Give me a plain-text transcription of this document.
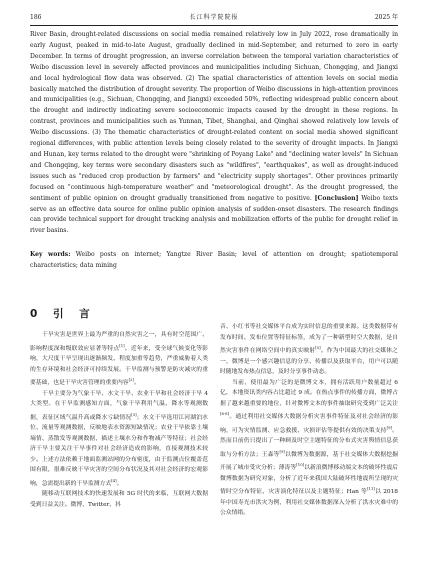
186	长江科学院院报	2025 年

River Basin, drought-related discussions on social media remained relatively low in July 2022, rose dramatically in early August, peaked in mid-to-late August, gradually declined in mid-September, and returned to zero in early December. In terms of drought progression, an inverse correlation between the temporal variation characteristics of Weibo discussion level in severely affected provinces and municipalities including Sichuan, Chongqing, and Jiangxi and local hydrological flow data was observed. (2) The spatial characteristics of attention levels on social media basically matched the distribution of drought severity. The proportion of Weibo discussions in high-attention provinces and municipalities (e.g., Sichuan, Chongqing, and Jiangxi) exceeded 50%, reflecting widespread public concern about the drought and indirectly indicating severe socioeconomic impacts caused by the drought in these regions. In contrast, provinces and municipalities such as Yunnan, Tibet, Shanghai, and Qinghai showed relatively low levels of Weibo discussions. (3) The thematic characteristics of drought-related content on social media showed significant regional differences, with public attention levels being closely related to the severity of drought impacts. In Jiangxi and Hunan, key terms related to the drought were "shrinking of Poyang Lake" and "declining water levels" In Sichuan and Chongqing, key terms were secondary disasters such as "wildfires", "earthquakes", as well as drought-induced issues such as "reduced crop production by farmers" and "electricity supply shortages". Other provinces primarily focused on "continuous high-temperature weather" and "meteorological drought". As the drought progressed, the sentiment of public opinion on drought gradually transitioned from negative to positive. [Conclusion] Weibo texts serve as an effective data source for online public opinion analysis of sudden-onset disasters. The research findings can provide technical support for drought tracking analysis and mobilization efforts of the public for drought relief in river basins.

Key words: Weibo posts on internet; Yangtze River Basin; level of attention on drought; spatiotemporal characteristics; data mining
0 引 言

干旱灾害是世界上最为严重的自然灾害之一，具有时空范围广、影响程度深和级联效应显著等特点[1]。近年来，受全球气候变化等影响，大尺度干旱呈现出逐渐频发、程度加重等趋势，严重威胁着人类的生存环境和社会经济可持续发展。干旱监测与预警是防灾减灾的重要基础，也是干旱灾害管理的重要内容[2]。

干旱主要分为气象干旱、水文干旱、农业干旱和社会经济干旱 4 大类型。在干旱监测感知方面，气象干旱利用气温、降水等观测数据，表征区域气温升高或降水亏缺情况[3]；水文干旱选用江河湖泊水位、流量等观测数据，反映地表水资源短缺情况；农业干旱依靠土壤墒情、蒸散发等观测数据，描述土壤水分和作物减产等特征；社会经济干旱主要关注干旱事件对社会经济造成的影响，直接观测技术较少。上述方法依赖于地面监测站网的分布密度，由于监测点位覆盖范围有限，很难反映干旱灾害的空间分布状况及其对社会经济的宏观影响，急需提出新的干旱监测方式[4]。

随移动互联网技术的快速发展和 5G 时代的来临，互联网大数据受到日益关注。微博、Twitter、抖

音、小红书等社交媒体平台成为实时信息的重要来源。这类数据带有发布时间、发布位置等特征标签，成为了一种新型时空大数据，是自然灾害事件在网络空间中的真实映射[5]。作为中国最大的社交媒体之一，微博是一个感兴趣信息的分享、传播以及获取平台，用户可以随时随地发布热点信息，及时分享事件动态。

当前，使用最为广泛的是微博文本，拥有活跃用户数量超过 6 亿，本地资讯类内容占比超过 9 成。在热点事件的传播方面，微博占据了越来越重要的地位，针对微博文本的事件抽取研究受到广泛关注[6-8]。通过利用社交媒体大数据分析灾害事件特征及对社会经济的影响，可为灾情监测、应急救援、灾损评估等提供有效的决策支持[9]。然而目前仍只提出了一种顾及时空主题特征的分布式灾害舆情信息获取与分析方法；王森等[9]以微博为数据源，基于社交媒体大数据挖掘开展了城市受灾分析；薄涛等[10]以新浪微博移动端文本的破坏性震后微博数据为研究对象，分析了近年来我国大陆破坏性地震所呈现的灾情时空分布特征、灾害演化特征以及主题特征；Han 等[11]以 2018 年中国寿光市洪灾为例，利用社交媒体数据深入分析了洪水灾难中的公众情绪。
